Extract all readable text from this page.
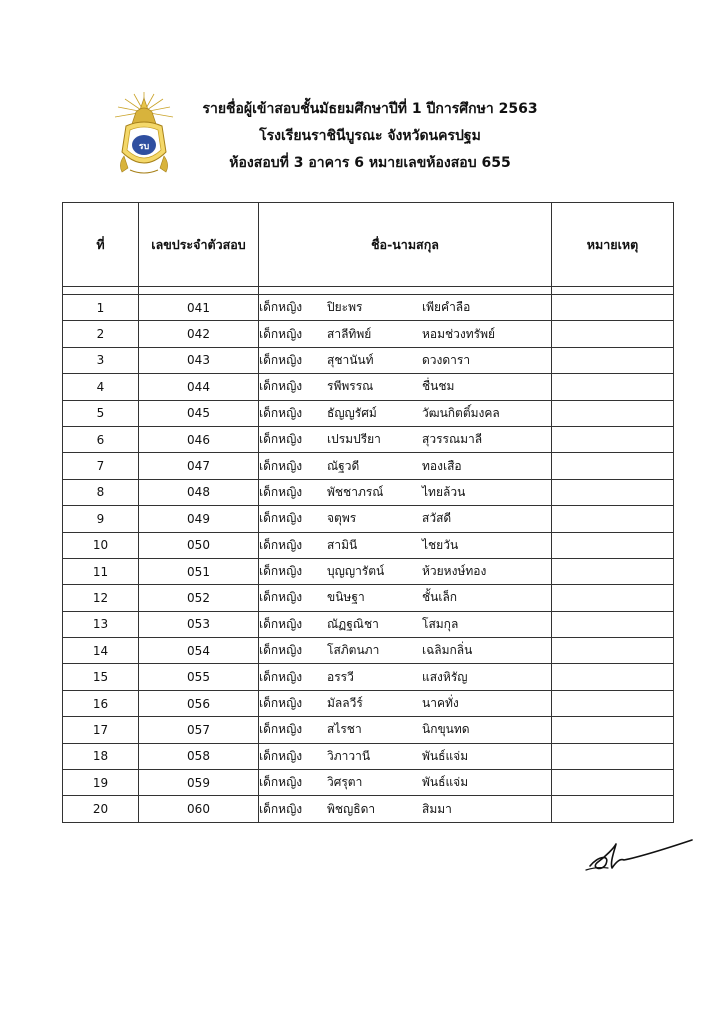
รบ
รายชื่อผู้เข้าสอบชั้นมัธยมศึกษาปีที่ 1 ปีการศึกษา 2563
โรงเรียนราชินีบูรณะ จังหวัดนครปฐม
ห้องสอบที่ 3 อาคาร 6 หมายเลขห้องสอบ 655
ที่	เลขประจำตัวสอบ	ชื่อ-นามสกุล	หมายเหตุ

1	041	เด็กหญิง ปิยะพร เพียคำลือ	
2	042	เด็กหญิง สาลีทิพย์ หอมช่วงทรัพย์	
3	043	เด็กหญิง สุชานันท์ ดวงดารา	
4	044	เด็กหญิง รพีพรรณ ชื่นชม	
5	045	เด็กหญิง ธัญญรัศม์ วัฒนกิตติ์มงคล	
6	046	เด็กหญิง เปรมปรียา สุวรรณมาลี	
7	047	เด็กหญิง ณัฐวดี ทองเสือ	
8	048	เด็กหญิง พัชชาภรณ์ ไทยล้วน	
9	049	เด็กหญิง จตุพร สวัสดี	
10	050	เด็กหญิง สามินี ไชยวัน	
11	051	เด็กหญิง บุญญารัตน์ ห้วยหงษ์ทอง	
12	052	เด็กหญิง ขนิษฐา ชั้นเล็ก	
13	053	เด็กหญิง ณัฏฐณิชา โสมกุล	
14	054	เด็กหญิง โสภิตนภา เฉลิมกลิ่น	
15	055	เด็กหญิง อรรวี แสงหิรัญ	
16	056	เด็กหญิง มัลลวีร์ นาคทั่ง	
17	057	เด็กหญิง สไรชา นิกขุนทด	
18	058	เด็กหญิง วิภาวานี พันธ์แจ่ม	
19	059	เด็กหญิง วิศรุตา พันธ์แจ่ม	
20	060	เด็กหญิง พิชญธิดา สิมมา	
